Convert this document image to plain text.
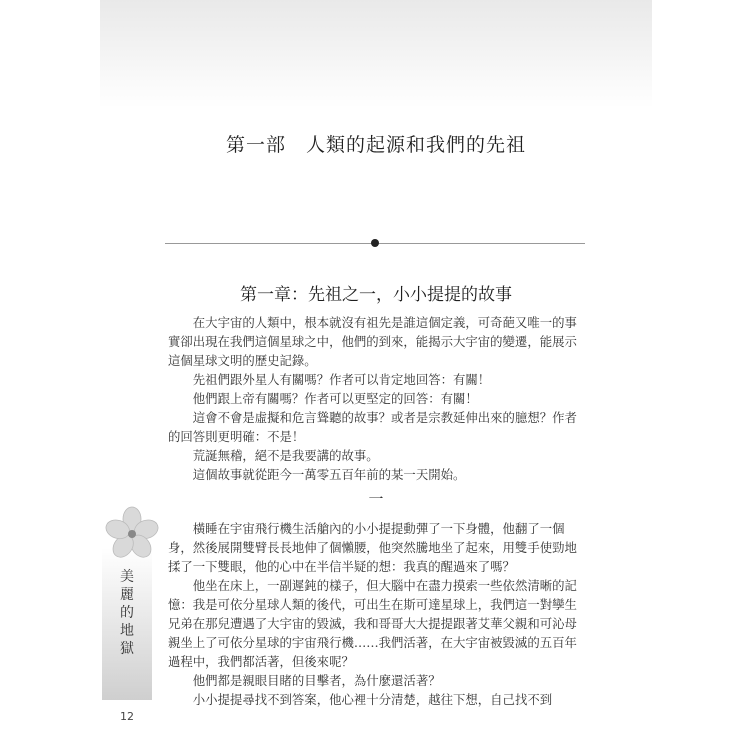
第一部　人類的起源和我們的先祖
第一章：先祖之一，小小提提的故事

在大宇宙的人類中，根本就沒有祖先是誰這個定義，可奇葩又唯一的事實卻出現在我們這個星球之中，他們的到來，能揭示大宇宙的變遷，能展示這個星球文明的歷史記錄。

先祖們跟外星人有關嗎？作者可以肯定地回答：有關！

他們跟上帝有關嗎？作者可以更堅定的回答：有關！

這會不會是虛擬和危言聳聽的故事？或者是宗教延伸出來的臆想？作者的回答則更明確：不是！

荒誕無稽，絕不是我要講的故事。

這個故事就從距今一萬零五百年前的某一天開始。

一

橫睡在宇宙飛行機生活艙內的小小提提動彈了一下身體，他翻了一個身，然後展開雙臂長長地伸了個懶腰，他突然騰地坐了起來，用雙手使勁地揉了一下雙眼，他的心中在半信半疑的想：我真的醒過來了嗎？

他坐在床上，一副遲鈍的樣子，但大腦中在盡力摸索一些依然清晰的記憶：我是可依分星球人類的後代，可出生在斯可達星球上，我們這一對孿生兄弟在那兒遭遇了大宇宙的毀滅，我和哥哥大大提提跟著艾華父親和可沁母親坐上了可依分星球的宇宙飛行機……我們活著，在大宇宙被毀滅的五百年過程中，我們都活著，但後來呢？

他們都是親眼目睹的目擊者，為什麼還活著？

小小提提尋找不到答案，他心裡十分清楚，越往下想，自己找不到

美
麗
的
地
獄
12
